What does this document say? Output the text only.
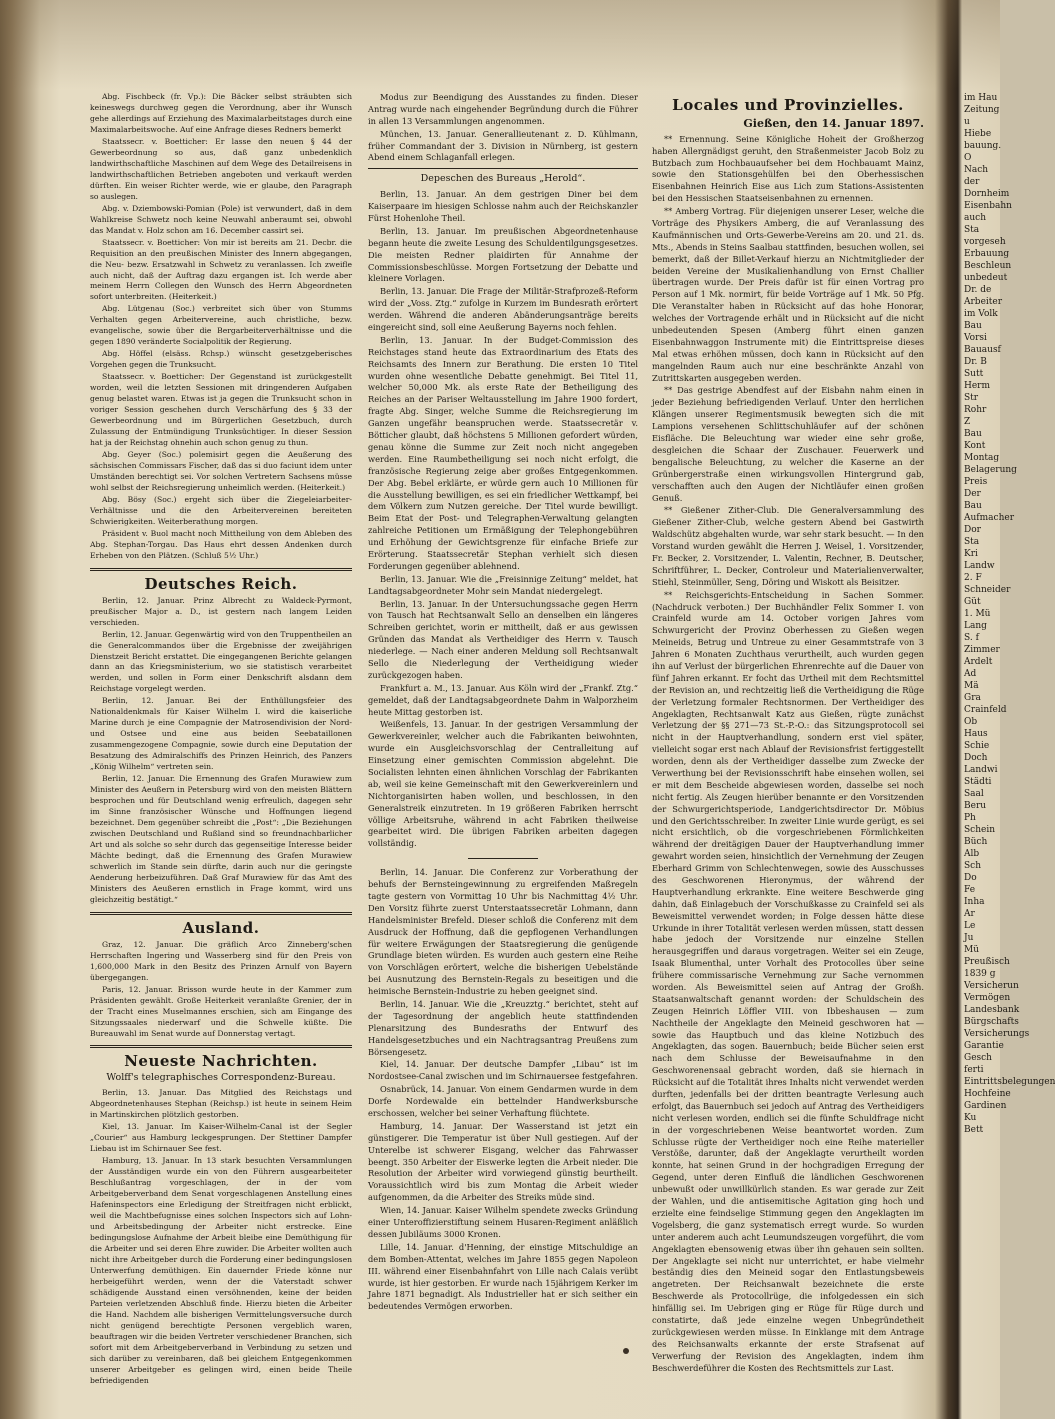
Abg. Fischbeck (fr. Vp.): Die Bäcker selbst sträubten sich keineswegs durchweg gegen die Verordnung, aber ihr Wunsch gehe allerdings auf Erziehung des Maximalarbeitstages durch eine Maximalarbeitswoche. Auf eine Anfrage dieses Redners bemerkt

Staatssecr. v. Boetticher: Er lasse den neuen § 44 der Gewerbeordnung so aus, daß ganz unbedenklich landwirthschaftliche Maschinen auf dem Wege des Detailreisens in landwirthschaftlichen Betrieben angeboten und verkauft werden dürften. Ein weiser Richter werde, wie er glaube, den Paragraph so auslegen.

Abg. v. Dziembowski-Pomian (Pole) ist verwundert, daß in dem Wahlkreise Schwetz noch keine Neuwahl anberaumt sei, obwohl das Mandat v. Holz schon am 16. December cassirt sei.

Staatssecr. v. Boetticher: Von mir ist bereits am 21. Decbr. die Requisition an den preußischen Minister des Innern abgegangen, die Neu- bezw. Ersatzwahl in Schwetz zu veranlassen. Ich zweifle auch nicht, daß der Auftrag dazu ergangen ist. Ich werde aber meinem Herrn Collegen den Wunsch des Herrn Abgeordneten sofort unterbreiten. (Heiterkeit.)

Abg. Lütgenau (Soc.) verbreitet sich über von Stumms Verhalten gegen Arbeitervereine, auch christliche, bezw. evangelische, sowie über die Bergarbeiterverhältnisse und die gegen 1890 veränderte Socialpolitik der Regierung.

Abg. Höffel (elsäss. Rchsp.) wünscht gesetzgeberisches Vorgehen gegen die Trunksucht.

Staatssecr. v. Boetticher: Der Gegenstand ist zurückgestellt worden, weil die letzten Sessionen mit dringenderen Aufgaben genug belastet waren. Etwas ist ja gegen die Trunksucht schon in voriger Session geschehen durch Verschärfung des § 33 der Gewerbeordnung und im Bürgerlichen Gesetzbuch, durch Zulassung der Entmündigung Trunksüchtiger. In dieser Session hat ja der Reichstag ohnehin auch schon genug zu thun.

Abg. Geyer (Soc.) polemisirt gegen die Aeußerung des sächsischen Commissars Fischer, daß das si duo faciunt idem unter Umständen berechtigt sei. Vor solchen Vertretern Sachsens müsse wohl selbst der Reichsregierung unheimlich werden. (Heiterkeit.)

Abg. Bösy (Soc.) ergeht sich über die Ziegeleiarbeiter-Verhältnisse und die den Arbeitervereinen bereiteten Schwierigkeiten. Weiterberathung morgen.

Präsident v. Buol macht noch Mittheilung von dem Ableben des Abg. Stephan-Torgau. Das Haus ehrt dessen Andenken durch Erheben von den Plätzen. (Schluß 5½ Uhr.)

Deutsches Reich.

Berlin, 12. Januar. Prinz Albrecht zu Waldeck-Pyrmont, preußischer Major a. D., ist gestern nach langem Leiden verschieden.

Berlin, 12. Januar. Gegenwärtig wird von den Truppentheilen an die Generalcommandos über die Ergebnisse der zweijährigen Dienstzeit Bericht erstattet. Die eingegangenen Berichte gelangen dann an das Kriegsministerium, wo sie statistisch verarbeitet werden, und sollen in Form einer Denkschrift alsdann dem Reichstage vorgelegt werden.

Berlin, 12. Januar. Bei der Enthüllungsfeier des Nationaldenkmals für Kaiser Wilhelm I. wird die kaiserliche Marine durch je eine Compagnie der Matrosendivision der Nord- und Ostsee und eine aus beiden Seebataillonen zusammengezogene Compagnie, sowie durch eine Deputation der Besatzung des Admiralschiffs des Prinzen Heinrich, des Panzers „König Wilhelm“ vertreten sein.

Berlin, 12. Januar. Die Ernennung des Grafen Murawiew zum Minister des Aeußern in Petersburg wird von den meisten Blättern besprochen und für Deutschland wenig erfreulich, dagegen sehr im Sinne französischer Wünsche und Hoffnungen liegend bezeichnet. Dem gegenüber schreibt die „Post“: „Die Beziehungen zwischen Deutschland und Rußland sind so freundnachbarlicher Art und als solche so sehr durch das gegenseitige Interesse beider Mächte bedingt, daß die Ernennung des Grafen Murawiew schwerlich im Stande sein dürfte, darin auch nur die geringste Aenderung herbeizuführen. Daß Graf Murawiew für das Amt des Ministers des Aeußeren ernstlich in Frage kommt, wird uns gleichzeitig bestätigt.“

Ausland.

Graz, 12. Januar. Die gräflich Arco Zinneberg'schen Herrschaften Ingering und Wasserberg sind für den Preis von 1,600,000 Mark in den Besitz des Prinzen Arnulf von Bayern übergegangen.

Paris, 12. Januar. Brisson wurde heute in der Kammer zum Präsidenten gewählt. Große Heiterkeit veranlaßte Grenier, der in der Tracht eines Muselmannes erschien, sich am Eingange des Sitzungssaales niederwarf und die Schwelle küßte. Die Bureauwahl im Senat wurde auf Donnerstag vertagt.

Neueste Nachrichten.
Wolff's telegraphisches Correspondenz-Bureau.

Berlin, 13. Januar. Das Mitglied des Reichstags und Abgeordnetenhauses Stephan (Reichsp.) ist heute in seinem Heim in Martinskirchen plötzlich gestorben.

Kiel, 13. Januar. Im Kaiser-Wilhelm-Canal ist der Segler „Courier“ aus Hamburg leckgesprungen. Der Stettiner Dampfer Liebau ist im Schirnauer See fest.

Hamburg, 13. Januar. In 13 stark besuchten Versammlungen der Ausständigen wurde ein von den Führern ausgearbeiteter Beschlußantrag vorgeschlagen, der in der vom Arbeitgeberverband dem Senat vorgeschlagenen Anstellung eines Hafeninspectors eine Erledigung der Streitfragen nicht erblickt, weil die Machtbefugnisse eines solchen Inspectors sich auf Lohn- und Arbeitsbedingung der Arbeiter nicht erstrecke. Eine bedingungslose Aufnahme der Arbeit bleibe eine Demüthigung für die Arbeiter und sei deren Ehre zuwider. Die Arbeiter wollten auch nicht ihre Arbeitgeber durch die Forderung einer bedingungslosen Unterwerfung demüthigen. Ein dauernder Friede könne nur herbeigeführt werden, wenn der die Vaterstadt schwer schädigende Ausstand einen versöhnenden, keine der beiden Parteien verletzenden Abschluß finde. Hierzu bieten die Arbeiter die Hand. Nachdem alle bisherigen Vermittelungsversuche durch nicht genügend berechtigte Personen vergeblich waren, beauftragen wir die beiden Vertreter verschiedener Branchen, sich sofort mit dem Arbeitgeberverband in Verbindung zu setzen und sich darüber zu vereinbaren, daß bei gleichem Entgegenkommen unserer Arbeitgeber es gelingen wird, einen beide Theile befriedigenden

Modus zur Beendigung des Ausstandes zu finden. Dieser Antrag wurde nach eingehender Begründung durch die Führer in allen 13 Versammlungen angenommen.

München, 13. Januar. Generallieutenant z. D. Kühlmann, früher Commandant der 3. Division in Nürnberg, ist gestern Abend einem Schlaganfall erlegen.

Depeschen des Bureaus „Herold“.

Berlin, 13. Januar. An dem gestrigen Diner bei dem Kaiserpaare im hiesigen Schlosse nahm auch der Reichskanzler Fürst Hohenlohe Theil.

Berlin, 13. Januar. Im preußischen Abgeordnetenhause begann heute die zweite Lesung des Schuldentilgungsgesetzes. Die meisten Redner plaidirten für Annahme der Commissionsbeschlüsse. Morgen Fortsetzung der Debatte und kleinere Vorlagen.

Berlin, 13. Januar. Die Frage der Militär-Strafprozeß-Reform wird der „Voss. Ztg.“ zufolge in Kurzem im Bundesrath erörtert werden. Während die anderen Abänderungsanträge bereits eingereicht sind, soll eine Aeußerung Bayerns noch fehlen.

Berlin, 13. Januar. In der Budget-Commission des Reichstages stand heute das Extraordinarium des Etats des Reichsamts des Innern zur Berathung. Die ersten 10 Titel wurden ohne wesentliche Debatte genehmigt. Bei Titel 11, welcher 50,000 Mk. als erste Rate der Betheiligung des Reiches an der Pariser Weltausstellung im Jahre 1900 fordert, fragte Abg. Singer, welche Summe die Reichsregierung im Ganzen ungefähr beanspruchen werde. Staatssecretär v. Bötticher glaubt, daß höchstens 5 Millionen gefordert würden, genau könne die Summe zur Zeit noch nicht angegeben werden. Eine Raumbetheiligung sei noch nicht erfolgt, die französische Regierung zeige aber großes Entgegenkommen. Der Abg. Bebel erklärte, er würde gern auch 10 Millionen für die Ausstellung bewilligen, es sei ein friedlicher Wettkampf, bei dem Völkern zum Nutzen gereiche. Der Titel wurde bewilligt. Beim Etat der Post- und Telegraphen-Verwaltung gelangten zahlreiche Petitionen um Ermäßigung der Telephongebühren und Erhöhung der Gewichtsgrenze für einfache Briefe zur Erörterung. Staatssecretär Stephan verhielt sich diesen Forderungen gegenüber ablehnend.

Berlin, 13. Januar. Wie die „Freisinnige Zeitung“ meldet, hat Landtagsabgeordneter Mohr sein Mandat niedergelegt.

Berlin, 13. Januar. In der Untersuchungssache gegen Herrn von Tausch hat Rechtsanwalt Sello an denselben ein längeres Schreiben gerichtet, worin er mittheilt, daß er aus gewissen Gründen das Mandat als Vertheidiger des Herrn v. Tausch niederlege. — Nach einer anderen Meldung soll Rechtsanwalt Sello die Niederlegung der Vertheidigung wieder zurückgezogen haben.

Frankfurt a. M., 13. Januar. Aus Köln wird der „Frankf. Ztg.“ gemeldet, daß der Landtagsabgeordnete Dahm in Walporzheim heute Mittag gestorben ist.

Weißenfels, 13. Januar. In der gestrigen Versammlung der Gewerkvereinler, welcher auch die Fabrikanten beiwohnten, wurde ein Ausgleichsvorschlag der Centralleitung auf Einsetzung einer gemischten Commission abgelehnt. Die Socialisten lehnten einen ähnlichen Vorschlag der Fabrikanten ab, weil sie keine Gemeinschaft mit den Gewerkvereinlern und Nichtorganisirten haben wollen, und beschlossen, in den Generalstreik einzutreten. In 19 größeren Fabriken herrscht völlige Arbeitsruhe, während in acht Fabriken theilweise gearbeitet wird. Die übrigen Fabriken arbeiten dagegen vollständig.

Berlin, 14. Januar. Die Conferenz zur Vorberathung der behufs der Bernsteingewinnung zu ergreifenden Maßregeln tagte gestern von Vormittag 10 Uhr bis Nachmittag 4½ Uhr. Den Vorsitz führte zuerst Unterstaatssecretär Lohmann, dann Handelsminister Brefeld. Dieser schloß die Conferenz mit dem Ausdruck der Hoffnung, daß die gepflogenen Verhandlungen für weitere Erwägungen der Staatsregierung die genügende Grundlage bieten würden. Es wurden auch gestern eine Reihe von Vorschlägen erörtert, welche die bisherigen Uebelstände bei Ausnutzung des Bernstein-Regals zu beseitigen und die heimische Bernstein-Industrie zu heben geeignet sind.

Berlin, 14. Januar. Wie die „Kreuzztg.“ berichtet, steht auf der Tagesordnung der angeblich heute stattfindenden Plenarsitzung des Bundesraths der Entwurf des Handelsgesetzbuches und ein Nachtragsantrag Preußens zum Börsengesetz.

Kiel, 14. Januar. Der deutsche Dampfer „Libau“ ist im Nordostsee-Canal zwischen und im Schirnauersee festgefahren.

Osnabrück, 14. Januar. Von einem Gendarmen wurde in dem Dorfe Nordewalde ein bettelnder Handwerksbursche erschossen, welcher bei seiner Verhaftung flüchtete.

Hamburg, 14. Januar. Der Wasserstand ist jetzt ein günstigerer. Die Temperatur ist über Null gestiegen. Auf der Unterelbe ist schwerer Eisgang, welcher das Fahrwasser beengt. 350 Arbeiter der Eiswerke legten die Arbeit nieder. Die Resolution der Arbeiter wird vorwiegend günstig beurtheilt. Voraussichtlich wird bis zum Montag die Arbeit wieder aufgenommen, da die Arbeiter des Streiks müde sind.

Wien, 14. Januar. Kaiser Wilhelm spendete zwecks Gründung einer Unteroffizierstiftung seinem Husaren-Regiment anläßlich dessen Jubiläums 3000 Kronen.

Lille, 14. Januar. d'Henning, der einstige Mitschuldige an dem Bomben-Attentat, welches im Jahre 1855 gegen Napoleon III. während einer Eisenbahnfahrt von Lille nach Calais verübt wurde, ist hier gestorben. Er wurde nach 15jährigem Kerker im Jahre 1871 begnadigt. Als Industrieller hat er sich seither ein bedeutendes Vermögen erworben.

Locales und Provinzielles.
Gießen, den 14. Januar 1897.

** Ernennung. Seine Königliche Hoheit der Großherzog haben Allergnädigst geruht, den Straßenmeister Jacob Bolz zu Butzbach zum Hochbauaufseher bei dem Hochbauamt Mainz, sowie den Stationsgehülfen bei den Oberhessischen Eisenbahnen Heinrich Eise aus Lich zum Stations-Assistenten bei den Hessischen Staatseisenbahnen zu ernennen.

** Amberg Vortrag. Für diejenigen unserer Leser, welche die Vorträge des Physikers Amberg, die auf Veranlassung des Kaufmännischen und Orts-Gewerbe-Vereins am 20. und 21. ds. Mts., Abends in Steins Saalbau stattfinden, besuchen wollen, sei bemerkt, daß der Billet-Verkauf hierzu an Nichtmitglieder der beiden Vereine der Musikalienhandlung von Ernst Challier übertragen wurde. Der Preis dafür ist für einen Vortrag pro Person auf 1 Mk. normirt, für beide Vorträge auf 1 Mk. 50 Pfg. Die Veranstalter haben in Rücksicht auf das hohe Honorar, welches der Vortragende erhält und in Rücksicht auf die nicht unbedeutenden Spesen (Amberg führt einen ganzen Eisenbahnwaggon Instrumente mit) die Eintrittspreise dieses Mal etwas erhöhen müssen, doch kann in Rücksicht auf den mangelnden Raum auch nur eine beschränkte Anzahl von Zutrittskarten ausgegeben werden.

** Das gestrige Abendfest auf der Eisbahn nahm einen in jeder Beziehung befriedigenden Verlauf. Unter den herrlichen Klängen unserer Regimentsmusik bewegten sich die mit Lampions versehenen Schlittschuhläufer auf der schönen Eisfläche. Die Beleuchtung war wieder eine sehr große, desgleichen die Schaar der Zuschauer. Feuerwerk und bengalische Beleuchtung, zu welcher die Kaserne an der Grünbergerstraße einen wirkungsvollen Hintergrund gab, verschafften auch den Augen der Nichtläufer einen großen Genuß.

** Gießener Zither-Club. Die Generalversammlung des Gießener Zither-Club, welche gestern Abend bei Gastwirth Waldschütz abgehalten wurde, war sehr stark besucht. — In den Vorstand wurden gewählt die Herren J. Weisel, 1. Vorsitzender, Fr. Becker, 2. Vorsitzender, L. Valentin, Rechner, B. Deutscher, Schriftführer, L. Decker, Controleur und Materialienverwalter, Stiehl, Steinmüller, Seng, Döring und Wiskott als Beisitzer.

** Reichsgerichts-Entscheidung in Sachen Sommer. (Nachdruck verboten.) Der Buchhändler Felix Sommer I. von Crainfeld wurde am 14. October vorigen Jahres vom Schwurgericht der Provinz Oberhessen zu Gießen wegen Meineids, Betrug und Untreue zu einer Gesammtstrafe von 3 Jahren 6 Monaten Zuchthaus verurtheilt, auch wurden gegen ihn auf Verlust der bürgerlichen Ehrenrechte auf die Dauer von fünf Jahren erkannt. Er focht das Urtheil mit dem Rechtsmittel der Revision an, und rechtzeitig ließ die Vertheidigung die Rüge der Verletzung formaler Rechtsnormen. Der Vertheidiger des Angeklagten, Rechtsanwalt Katz aus Gießen, rügte zunächst Verletzung der §§ 271—73 St.-P.-O.: das Sitzungsprotocoll sei nicht in der Hauptverhandlung, sondern erst viel später, vielleicht sogar erst nach Ablauf der Revisionsfrist fertiggestellt worden, denn als der Vertheidiger dasselbe zum Zwecke der Verwerthung bei der Revisionsschrift habe einsehen wollen, sei er mit dem Bescheide abgewiesen worden, dasselbe sei noch nicht fertig. Als Zeugen hierüber benannte er den Vorsitzenden der Schwurgerichtsperiode, Landgerichtsdirector Dr. Möbius und den Gerichtsschreiber. In zweiter Linie wurde gerügt, es sei nicht ersichtlich, ob die vorgeschriebenen Förmlichkeiten während der dreitägigen Dauer der Hauptverhandlung immer gewahrt worden seien, hinsichtlich der Vernehmung der Zeugen Eberhard Grimm von Schlechtenwegen, sowie des Ausschusses des Geschworenen Hieronymus, der während der Hauptverhandlung erkrankte. Eine weitere Beschwerde ging dahin, daß Einlagebuch der Vorschußkasse zu Crainfeld sei als Beweismittel verwendet worden; in Folge dessen hätte diese Urkunde in ihrer Totalität verlesen werden müssen, statt dessen habe jedoch der Vorsitzende nur einzelne Stellen herausgegriffen und daraus vorgetragen. Weiter sei ein Zeuge, Isaak Blumenthal, unter Vorhalt des Protocolles über seine frühere commissarische Vernehmung zur Sache vernommen worden. Als Beweismittel seien auf Antrag der Großh. Staatsanwaltschaft genannt worden: der Schuldschein des Zeugen Heinrich Löffler VIII. von Ibbeshausen — zum Nachtheile der Angeklagte den Meineid geschworen hat — sowie das Hauptbuch und das kleine Notizbuch des Angeklagten, das sogen. Bauernbuch; beide Bücher seien erst nach dem Schlusse der Beweisaufnahme in den Geschworenensaal gebracht worden, daß sie hiernach in Rücksicht auf die Totalität ihres Inhalts nicht verwendet werden durften, jedenfalls bei der dritten beantragte Verlesung auch erfolgt, das Bauernbuch sei jedoch auf Antrag des Vertheidigers nicht verlesen worden, endlich sei die fünfte Schuldfrage nicht in der vorgeschriebenen Weise beantwortet worden. Zum Schlusse rügte der Vertheidiger noch eine Reihe materieller Verstöße, darunter, daß der Angeklagte verurtheilt worden konnte, hat seinen Grund in der hochgradigen Erregung der Gegend, unter deren Einfluß die ländlichen Geschworenen unbewußt oder unwillkürlich standen. Es war gerade zur Zeit der Wahlen, und die antisemitische Agitation ging hoch und erzielte eine feindselige Stimmung gegen den Angeklagten im Vogelsberg, die ganz systematisch erregt wurde. So wurden unter anderem auch acht Leumundszeugen vorgeführt, die vom Angeklagten ebensowenig etwas über ihn gehauen sein sollten. Der Angeklagte sei nicht nur unterrichtet, er habe vielmehr beständig dies den Meineid sogar den Entlastungsbeweis angetreten. Der Reichsanwalt bezeichnete die erste Beschwerde als Protocollrüge, die infolgedessen ein sich hinfällig sei. Im Uebrigen ging er Rüge für Rüge durch und constatirte, daß jede einzelne wegen Unbegründetheit zurückgewiesen werden müsse. In Einklange mit dem Antrage des Reichsanwalts erkannte der erste Strafsenat auf Verwerfung der Revision des Angeklagten, indem ihm Beschwerdeführer die Kosten des Rechtsmittels zur Last.

im Hau
Zeitung u
Hiebe
bauung. O
Nach der
Dornheim
Eisenbahn
auch Sta
vorgeseh
Erbauung
Beschleun
unbedeut
Dr. de
Arbeiter
im Volk
Bau
Vorsi
Bauausf
Dr. B
Sutt
Herm
Str
Rohr
Z
Bau
Kont
Montag
Belagerung
Preis
Der
Bau
Aufmacher
Dor
Sta
Kri
Landw
2. F
Schneider
Güt
1. Mü
Lang
S. f
Zimmer
Ardelt
Ad
Mä
Gra
Crainfeld
Ob
Haus
Schie
Doch
Landwi
Städti
Saal
Beru
Ph
Schein
Büch
Alb
Sch
Do
Fe
Inha
Ar
Le
Ju
Mü
Preußisch
1839 g
Versicherun
Vermögen
Landesbank
Bürgschafts
Versicherungs
Garantie
Gesch
ferti
Eintrittsbelegungen
Hochfeine
Gardinen
Ku
Bett
